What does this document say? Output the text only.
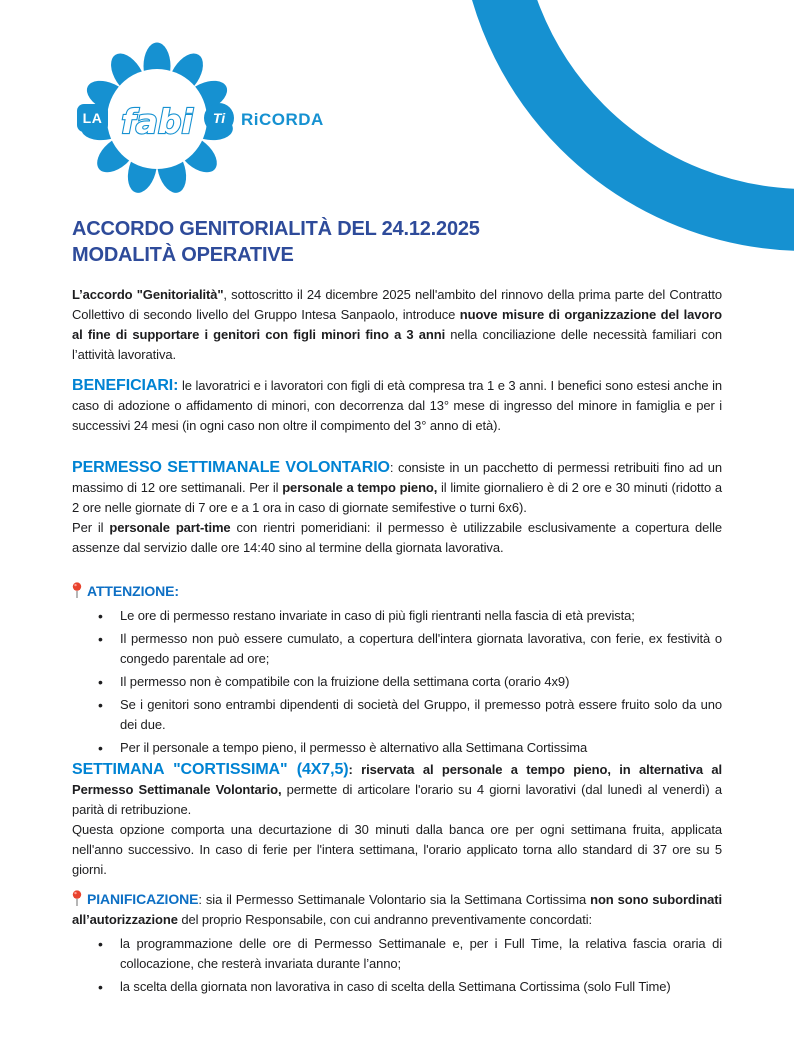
fabi
LA	Ti RiCORDA
ACCORDO GENITORIALITÀ DEL 24.12.2025
MODALITÀ OPERATIVE

L’accordo "Genitorialità", sottoscritto il 24 dicembre 2025 nell'ambito del rinnovo della prima parte del Contratto Collettivo di secondo livello del Gruppo Intesa Sanpaolo, introduce nuove misure di organizzazione del lavoro al fine di supportare i genitori con figli minori fino a 3 anni nella conciliazione delle necessità familiari con l’attività lavorativa.

BENEFICIARI: le lavoratrici e i lavoratori con figli di età compresa tra 1 e 3 anni. I benefici sono estesi anche in caso di adozione o affidamento di minori, con decorrenza dal 13° mese di ingresso del minore in famiglia e per i successivi 24 mesi (in ogni caso non oltre il compimento del 3° anno di età).

PERMESSO SETTIMANALE VOLONTARIO: consiste in un pacchetto di permessi retribuiti fino ad un massimo di 12 ore settimanali. Per il personale a tempo pieno, il limite giornaliero è di 2 ore e 30 minuti (ridotto a 2 ore nelle giornate di 7 ore e a 1 ora in caso di giornate semifestive o turni 6x6).

Per il personale part-time con rientri pomeridiani: il permesso è utilizzabile esclusivamente a copertura delle assenze dal servizio dalle ore 14:40 sino al termine della giornata lavorativa.

ATTENZIONE:

• Le ore di permesso restano invariate in caso di più figli rientranti nella fascia di età prevista;
• Il permesso non può essere cumulato, a copertura dell'intera giornata lavorativa, con ferie, ex festività o congedo parentale ad ore;
• Il permesso non è compatibile con la fruizione della settimana corta (orario 4x9)
• Se i genitori sono entrambi dipendenti di società del Gruppo, il premesso potrà essere fruito solo da uno dei due.
• Per il personale a tempo pieno, il permesso è alternativo alla Settimana Cortissima

SETTIMANA "CORTISSIMA" (4X7,5): riservata al personale a tempo pieno, in alternativa al Permesso Settimanale Volontario, permette di articolare l'orario su 4 giorni lavorativi (dal lunedì al venerdì) a parità di retribuzione.

Questa opzione comporta una decurtazione di 30 minuti dalla banca ore per ogni settimana fruita, applicata nell'anno successivo. In caso di ferie per l'intera settimana, l'orario applicato torna allo standard di 37 ore su 5 giorni.

PIANIFICAZIONE: sia il Permesso Settimanale Volontario sia la Settimana Cortissima non sono subordinati all’autorizzazione del proprio Responsabile, con cui andranno preventivamente concordati:

• la programmazione delle ore di Permesso Settimanale e, per i Full Time, la relativa fascia oraria di collocazione, che resterà invariata durante l’anno;
• la scelta della giornata non lavorativa in caso di scelta della Settimana Cortissima (solo Full Time)
